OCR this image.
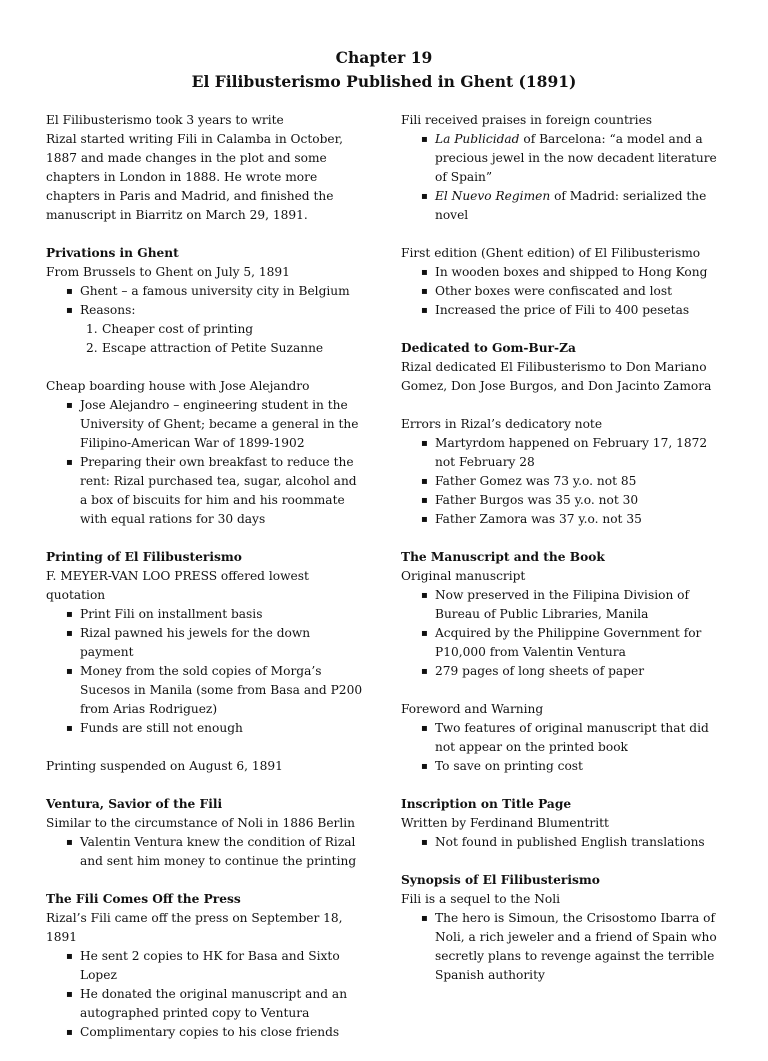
Chapter 19
El Filibusterismo Published in Ghent (1891)
El Filibusterismo took 3 years to write
Rizal started writing Fili in Calamba in October, 1887 and made changes in the plot and some chapters in London in 1888. He wrote more chapters in Paris and Madrid, and finished the manuscript in Biarritz on March 29, 1891.
Privations in Ghent
From Brussels to Ghent on July 5, 1891
▪ Ghent – a famous university city in Belgium
▪ Reasons:
1. Cheaper cost of printing
2. Escape attraction of Petite Suzanne
Cheap boarding house with Jose Alejandro
▪ Jose Alejandro – engineering student in the University of Ghent; became a general in the Filipino-American War of 1899-1902
▪ Preparing their own breakfast to reduce the rent: Rizal purchased tea, sugar, alcohol and a box of biscuits for him and his roommate with equal rations for 30 days
Printing of El Filibusterismo
F. MEYER-VAN LOO PRESS offered lowest quotation
▪ Print Fili on installment basis
▪ Rizal pawned his jewels for the down payment
▪ Money from the sold copies of Morga’s Sucesos in Manila (some from Basa and P200 from Arias Rodriguez)
▪ Funds are still not enough
Printing suspended on August 6, 1891
Ventura, Savior of the Fili
Similar to the circumstance of Noli in 1886 Berlin
▪ Valentin Ventura knew the condition of Rizal and sent him money to continue the printing
The Fili Comes Off the Press
Rizal’s Fili came off the press on September 18, 1891
▪ He sent 2 copies to HK for Basa and Sixto Lopez
▪ He donated the original manuscript and an autographed printed copy to Ventura
▪ Complimentary copies to his close friends
Fili received praises in foreign countries
▪ La Publicidad of Barcelona: “a model and a precious jewel in the now decadent literature of Spain”
▪ El Nuevo Regimen of Madrid: serialized the novel
First edition (Ghent edition) of El Filibusterismo
▪ In wooden boxes and shipped to Hong Kong
▪ Other boxes were confiscated and lost
▪ Increased the price of Fili to 400 pesetas
Dedicated to Gom-Bur-Za
Rizal dedicated El Filibusterismo to Don Mariano Gomez, Don Jose Burgos, and Don Jacinto Zamora
Errors in Rizal’s dedicatory note
▪ Martyrdom happened on February 17, 1872 not February 28
▪ Father Gomez was 73 y.o. not 85
▪ Father Burgos was 35 y.o. not 30
▪ Father Zamora was 37 y.o. not 35
The Manuscript and the Book
Original manuscript
▪ Now preserved in the Filipina Division of Bureau of Public Libraries, Manila
▪ Acquired by the Philippine Government for P10,000 from Valentin Ventura
▪ 279 pages of long sheets of paper
Foreword and Warning
▪ Two features of original manuscript that did not appear on the printed book
▪ To save on printing cost
Inscription on Title Page
Written by Ferdinand Blumentritt
▪ Not found in published English translations
Synopsis of El Filibusterismo
Fili is a sequel to the Noli
▪ The hero is Simoun, the Crisostomo Ibarra of Noli, a rich jeweler and a friend of Spain who secretly plans to revenge against the terrible Spanish authority
